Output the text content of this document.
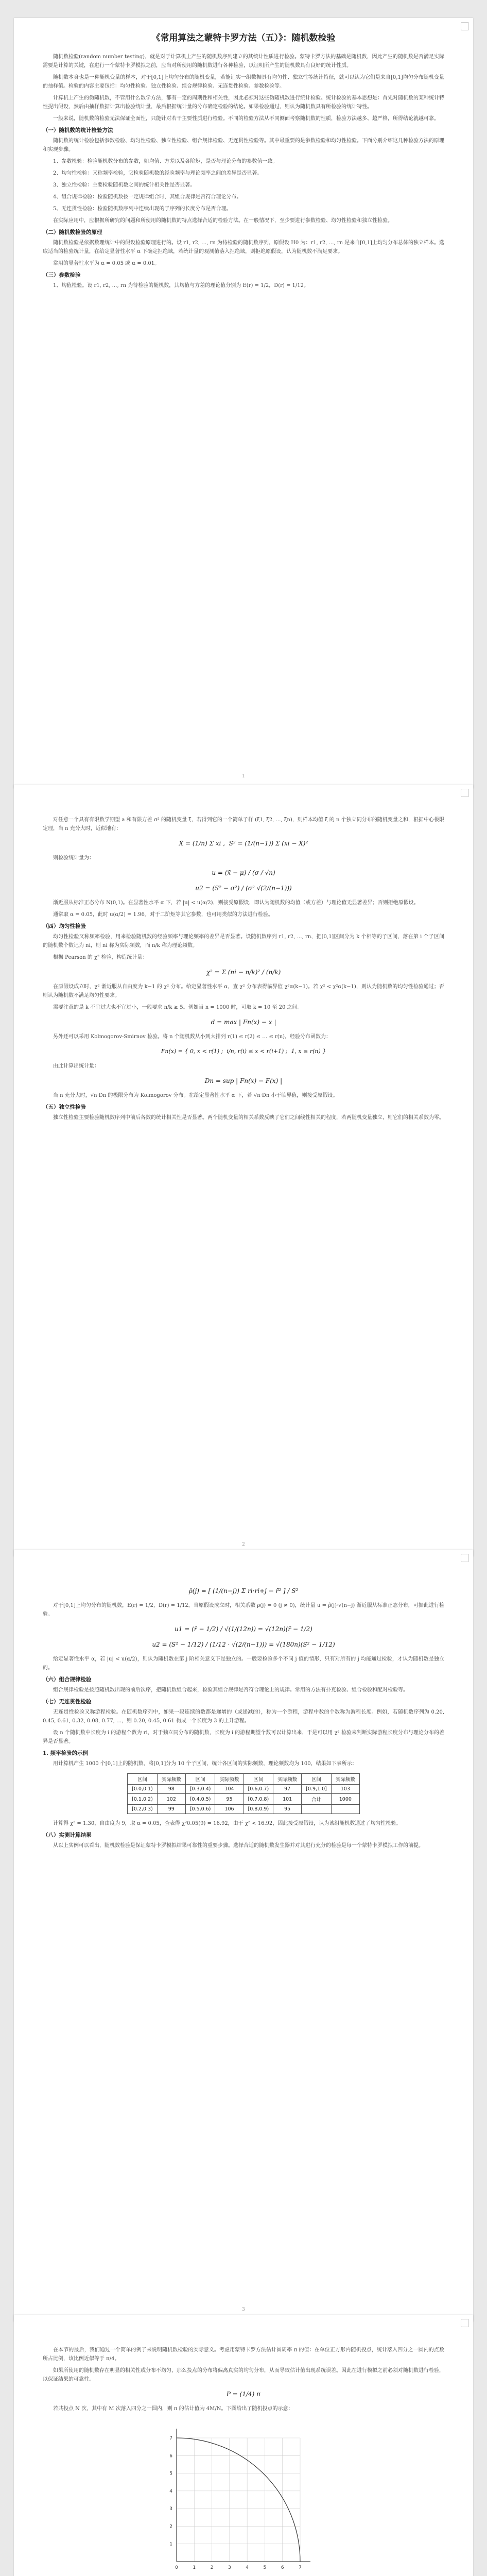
《常用算法之蒙特卡罗方法（五）》：随机数检验

随机数检验(random number testing)，就是对于计算机上产生的随机数序列建立的其统计性质进行检验。蒙特卡罗方法的基础是随机数，因此产生的随机数是否满足实际需要是计算的关键，在进行一个蒙特卡罗模拟之前，应当对所使用的随机数进行各种检验，以证明所产生的随机数具有良好的统计性质。

随机数本身也是一种随机变量的样本，对于[0,1]上均匀分布的随机变量，若能证实一组数据具有均匀性、独立性等统计特征，就可以认为它们是来自[0,1]均匀分布随机变量的抽样值。检验的内容主要包括：均匀性检验、独立性检验、组合规律检验、无连贯性检验、参数检验等。

计算机上产生的伪随机数，不管用什么数学方法，都有一定的周期性和相关性，因此必须对这些伪随机数进行统计检验。统计检验的基本思想是：首先对随机数的某种统计特性提出假设，然后由抽样数据计算出检验统计量，最后根据统计量的分布确定检验的结论。如果检验通过，则认为随机数具有所检验的统计特性。

一般来说，随机数的检验无法保证全面性，只能针对若干主要性质进行检验。不同的检验方法从不同侧面考察随机数的性质，检验方法越多、越严格，所得结论就越可靠。

（一）随机数的统计检验方法

随机数的统计检验包括参数检验、均匀性检验、独立性检验、组合规律检验、无连贯性检验等。其中最重要的是参数检验和均匀性检验。下面分别介绍这几种检验方法的原理和实现步骤。

1、参数检验：检验随机数分布的参数，如均值、方差以及各阶矩，是否与理论分布的参数值一致。

2、均匀性检验：又称频率检验，它检验随机数的经验频率与理论频率之间的差异是否显著。

3、独立性检验：主要检验随机数之间的统计相关性是否显著。

4、组合规律检验：检验随机数按一定规律组合时，其组合规律是否符合理论分布。

5、无连贯性检验：检验随机数序列中连续出现的子序列的长度分布是否合理。

在实际应用中，应根据所研究的问题和所使用的随机数的特点选择合适的检验方法。在一般情况下，至少要进行参数检验、均匀性检验和独立性检验。

（二）随机数检验的原理

随机数检验是依据数理统计中的假设检验原理进行的。设 r1, r2, …, rn 为待检验的随机数序列，原假设 H0 为：r1, r2, …, rn 是来自[0,1]上均匀分布总体的独立样本。选取适当的检验统计量，在给定显著性水平 α 下确定拒绝域，若统计量的观测值落入拒绝域，则拒绝原假设，认为随机数不满足要求。

常用的显著性水平为 α = 0.05 或 α = 0.01。

（三）参数检验

1、均值检验。设 r1, r2, …, rn 为待检验的随机数，其均值与方差的理论值分别为 E(r) = 1/2，D(r) = 1/12。

1

对任意一个具有有限数学期望 a 和有限方差 σ² 的随机变量 ξ，若得到它的一个简单子样 (ξ1, ξ2, …, ξn)，则样本均值 ξ̄ 的 n 个独立同分布的随机变量之和，根据中心极限定理，当 n 充分大时，近似地有：

X̄ = (1/n) Σ xi ,  S² = (1/(n−1)) Σ (xi − X̄)²

则检验统计量为：

u = (x̄ − μ) / (σ / √n)
u2 = (S² − σ²) / (σ² √(2/(n−1)))

渐近服从标准正态分布 N(0,1)。在显著性水平 α 下，若 |u| < u(α/2)，则接受原假设，即认为随机数的均值（或方差）与理论值无显著差异；否则拒绝原假设。

通常取 α = 0.05，此时 u(α/2) = 1.96。对于二阶矩等其它参数，也可用类似的方法进行检验。

（四）均匀性检验

均匀性检验又称频率检验，用来检验随机数的经验频率与理论频率的差异是否显著。设随机数序列 r1, r2, …, rn，把[0,1]区间分为 k 个相等的子区间，落在第 i 个子区间的随机数个数记为 ni，则 ni 称为实际频数，而 n/k 称为理论频数。

根据 Pearson 的 χ² 检验，构造统计量：

χ² = Σ (ni − n/k)² / (n/k)

在原假设成立时，χ² 渐近服从自由度为 k−1 的 χ² 分布。给定显著性水平 α，查 χ² 分布表得临界值 χ²α(k−1)。若 χ² < χ²α(k−1)，则认为随机数的均匀性检验通过；否则认为随机数不满足均匀性要求。

需要注意的是 k 不宜过大也不宜过小，一般要求 n/k ≥ 5。例如当 n = 1000 时，可取 k = 10 至 20 之间。

d = max | Fn(x) − x |

另外还可以采用 Kolmogorov-Smirnov 检验。将 n 个随机数从小到大排列 r(1) ≤ r(2) ≤ … ≤ r(n)，经验分布函数为：

Fn(x) = { 0, x < r(1) ;  i/n, r(i) ≤ x < r(i+1) ;  1, x ≥ r(n) }

由此计算出统计量：

Dn = sup | Fn(x) − F(x) |

当 n 充分大时，√n·Dn 的极限分布为 Kolmogorov 分布。在给定显著性水平 α 下，若 √n·Dn 小于临界值，则接受原假设。

（五）独立性检验

独立性检验主要检验随机数序列中前后各数的统计相关性是否显著。两个随机变量的相关系数反映了它们之间线性相关的程度，若两随机变量独立，则它们的相关系数为零。

2
ρ̂(j) = [ (1/(n−j)) Σ ri·ri+j − r̄² ] / S²

对于[0,1]上均匀分布的随机数，E(r) = 1/2，D(r) = 1/12。当原假设成立时，相关系数 ρ(j) = 0 (j ≠ 0)，统计量 u = ρ̂(j)·√(n−j) 渐近服从标准正态分布，可据此进行检验。

u1 = (r̄ − 1/2) / √(1/(12n)) = √(12n)(r̄ − 1/2)
u2 = (S² − 1/12) / (1/12 · √(2/(n−1))) = √(180n)(S² − 1/12)

给定显著性水平 α，若 |u| < u(α/2)，则认为随机数在第 j 阶相关意义下是独立的。一般要检验多个不同 j 值的情形，只有对所有的 j 均能通过检验，才认为随机数是独立的。

（六）组合规律检验

组合规律检验是按照随机数出现的前后次序，把随机数组合起来，检验其组合规律是否符合理论上的规律。常用的方法有扑克检验、组合检验和配对检验等。

（七）无连贯性检验

无连贯性检验又称游程检验。在随机数序列中，如果一段连续的数都是递增的（或递减的），称为一个游程，游程中数的个数称为游程长度。例如，若随机数序列为 0.20, 0.45, 0.61, 0.32, 0.08, 0.77, …，则 0.20, 0.45, 0.61 构成一个长度为 3 的上升游程。

设 n 个随机数中长度为 i 的游程个数为 ri，对于独立同分布的随机数，长度为 i 的游程期望个数可以计算出来，于是可以用 χ² 检验来判断实际游程长度分布与理论分布的差异是否显著。

1. 频率检验的示例

用计算机产生 1000 个[0,1]上的随机数，将[0,1]分为 10 个子区间，统计各区间的实际频数，理论频数均为 100，结果如下表所示：

区间	实际频数	区间	实际频数	区间	实际频数	区间	实际频数
[0.0,0.1)	98	[0.3,0.4)	104	[0.6,0.7)	97	[0.9,1.0]	103
[0.1,0.2)	102	[0.4,0.5)	95	[0.7,0.8)	101	合计	1000
[0.2,0.3)	99	[0.5,0.6)	106	[0.8,0.9)	95		

计算得 χ² = 1.30，自由度为 9，取 α = 0.05，查表得 χ²0.05(9) = 16.92，由于 χ² < 16.92，因此接受原假设，认为该组随机数通过了均匀性检验。

（八）实测计算结果

从以上实例可以看出，随机数检验是保证蒙特卡罗模拟结果可靠性的重要步骤。选择合适的随机数发生器并对其进行充分的检验是每一个蒙特卡罗模拟工作的前提。

3

在本节的最后，我们通过一个简单的例子来说明随机数检验的实际意义。考虑用蒙特卡罗方法估计圆周率 π 的值：在单位正方形内随机投点，统计落入四分之一圆内的点数所占比例，该比例近似等于 π/4。

如果所使用的随机数存在明显的相关性或分布不均匀，那么投点的分布将偏离真实的均匀分布，从而导致估计值出现系统误差。因此在进行模拟之前必须对随机数进行检验，以保证结果的可靠性。

P = (1/4) π

若共投点 N 次，其中有 M 次落入四分之一圆内，则 π 的估计值为 4M/N。下图给出了随机投点的示意：

0	1	2	3	4	5	6	7
1
2
3
4
5
6
7
